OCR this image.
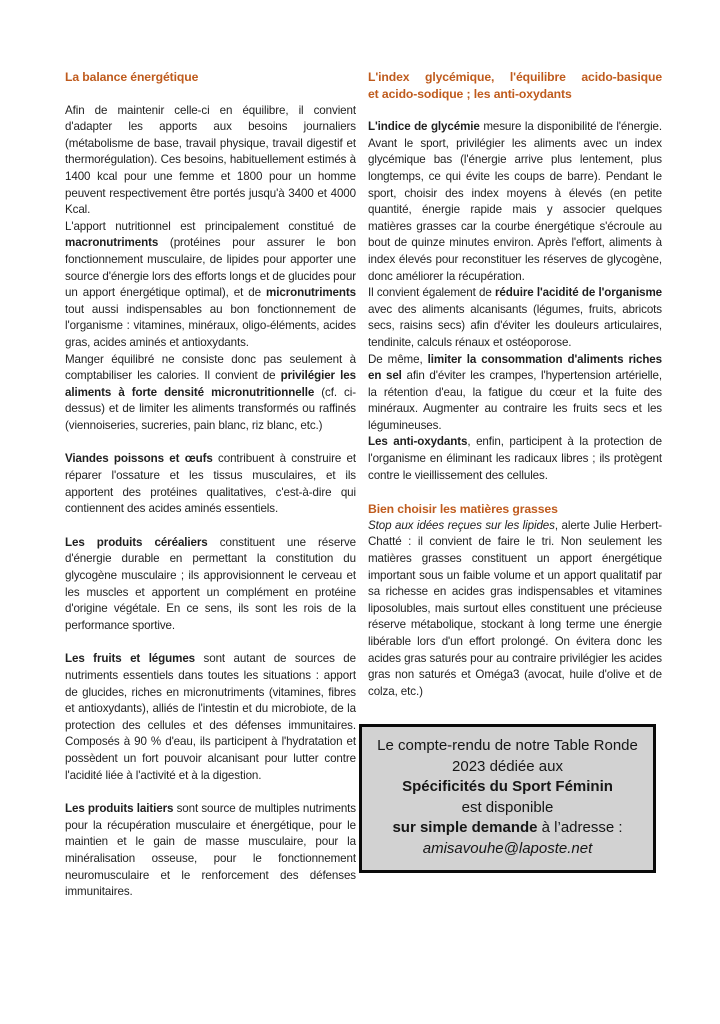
La balance énergétique

Afin de maintenir celle-ci en équilibre, il convient d'adapter les apports aux besoins journaliers (métabolisme de base, travail physique, travail digestif et thermorégulation). Ces besoins, habituellement estimés à 1400 kcal pour une femme et 1800 pour un homme peuvent respectivement être portés jusqu'à 3400 et 4000 Kcal.

L'apport nutritionnel est principalement constitué de macronutriments (protéines pour assurer le bon fonctionnement musculaire, de lipides pour apporter une source d'énergie lors des efforts longs et de glucides pour un apport énergétique optimal), et de micronutriments tout aussi indispensables au bon fonctionnement de l'organisme : vitamines, minéraux, oligo-éléments, acides gras, acides aminés et antioxydants.

Manger équilibré ne consiste donc pas seulement à comptabiliser les calories. Il convient de privilégier les aliments à forte densité micronutritionnelle (cf. ci-dessus) et de limiter les aliments transformés ou raffinés (viennoiseries, sucreries, pain blanc, riz blanc, etc.)

Viandes poissons et œufs contribuent à construire et réparer l'ossature et les tissus musculaires, et ils apportent des protéines qualitatives, c'est-à-dire qui contiennent des acides aminés essentiels.

Les produits céréaliers constituent une réserve d'énergie durable en permettant la constitution du glycogène musculaire ; ils approvisionnent le cerveau et les muscles et apportent un complément en protéine d'origine végétale. En ce sens, ils sont les rois de la performance sportive.

Les fruits et légumes sont autant de sources de nutriments essentiels dans toutes les situations : apport de glucides, riches en micronutriments (vitamines, fibres et antioxydants), alliés de l'intestin et du microbiote, de la protection des cellules et des défenses immunitaires. Composés à 90 % d'eau, ils participent à l'hydratation et possèdent un fort pouvoir alcanisant pour lutter contre l'acidité liée à l'activité et à la digestion.

Les produits laitiers sont source de multiples nutriments pour la récupération musculaire et énergétique, pour le maintien et le gain de masse musculaire, pour la minéralisation osseuse, pour le fonctionnement neuromusculaire et le renforcement des défenses immunitaires.

L'index glycémique, l'équilibre acido-basique
et acido-sodique ; les anti-oxydants

L'indice de glycémie mesure la disponibilité de l'énergie. Avant le sport, privilégier les aliments avec un index glycémique bas (l'énergie arrive plus lentement, plus longtemps, ce qui évite les coups de barre). Pendant le sport, choisir des index moyens à élevés (en petite quantité, énergie rapide mais y associer quelques matières grasses car la courbe énergétique s'écroule au bout de quinze minutes environ. Après l'effort, aliments à index élevés pour reconstituer les réserves de glycogène, donc améliorer la récupération.

Il convient également de réduire l'acidité de l'organisme avec des aliments alcanisants (légumes, fruits, abricots secs, raisins secs) afin d'éviter les douleurs articulaires, tendinite, calculs rénaux et ostéoporose.

De même, limiter la consommation d'aliments riches en sel afin d'éviter les crampes, l'hypertension artérielle, la rétention d'eau, la fatigue du cœur et la fuite des minéraux. Augmenter au contraire les fruits secs et les légumineuses.

Les anti-oxydants, enfin, participent à la protection de l'organisme en éliminant les radicaux libres ; ils protègent contre le vieillissement des cellules.

Bien choisir les matières grasses

Stop aux idées reçues sur les lipides, alerte Julie Herbert-Chatté : il convient de faire le tri. Non seulement les matières grasses constituent un apport énergétique important sous un faible volume et un apport qualitatif par sa richesse en acides gras indispensables et vitamines liposolubles, mais surtout elles constituent une précieuse réserve métabolique, stockant à long terme une énergie libérable lors d'un effort prolongé. On évitera donc les acides gras saturés pour au contraire privilégier les acides gras non saturés et Oméga3 (avocat, huile d'olive et de colza, etc.)

Le compte-rendu de notre Table Ronde
2023 dédiée aux
Spécificités du Sport Féminin
est disponible
sur simple demande à l’adresse :
amisavouhe@laposte.net
